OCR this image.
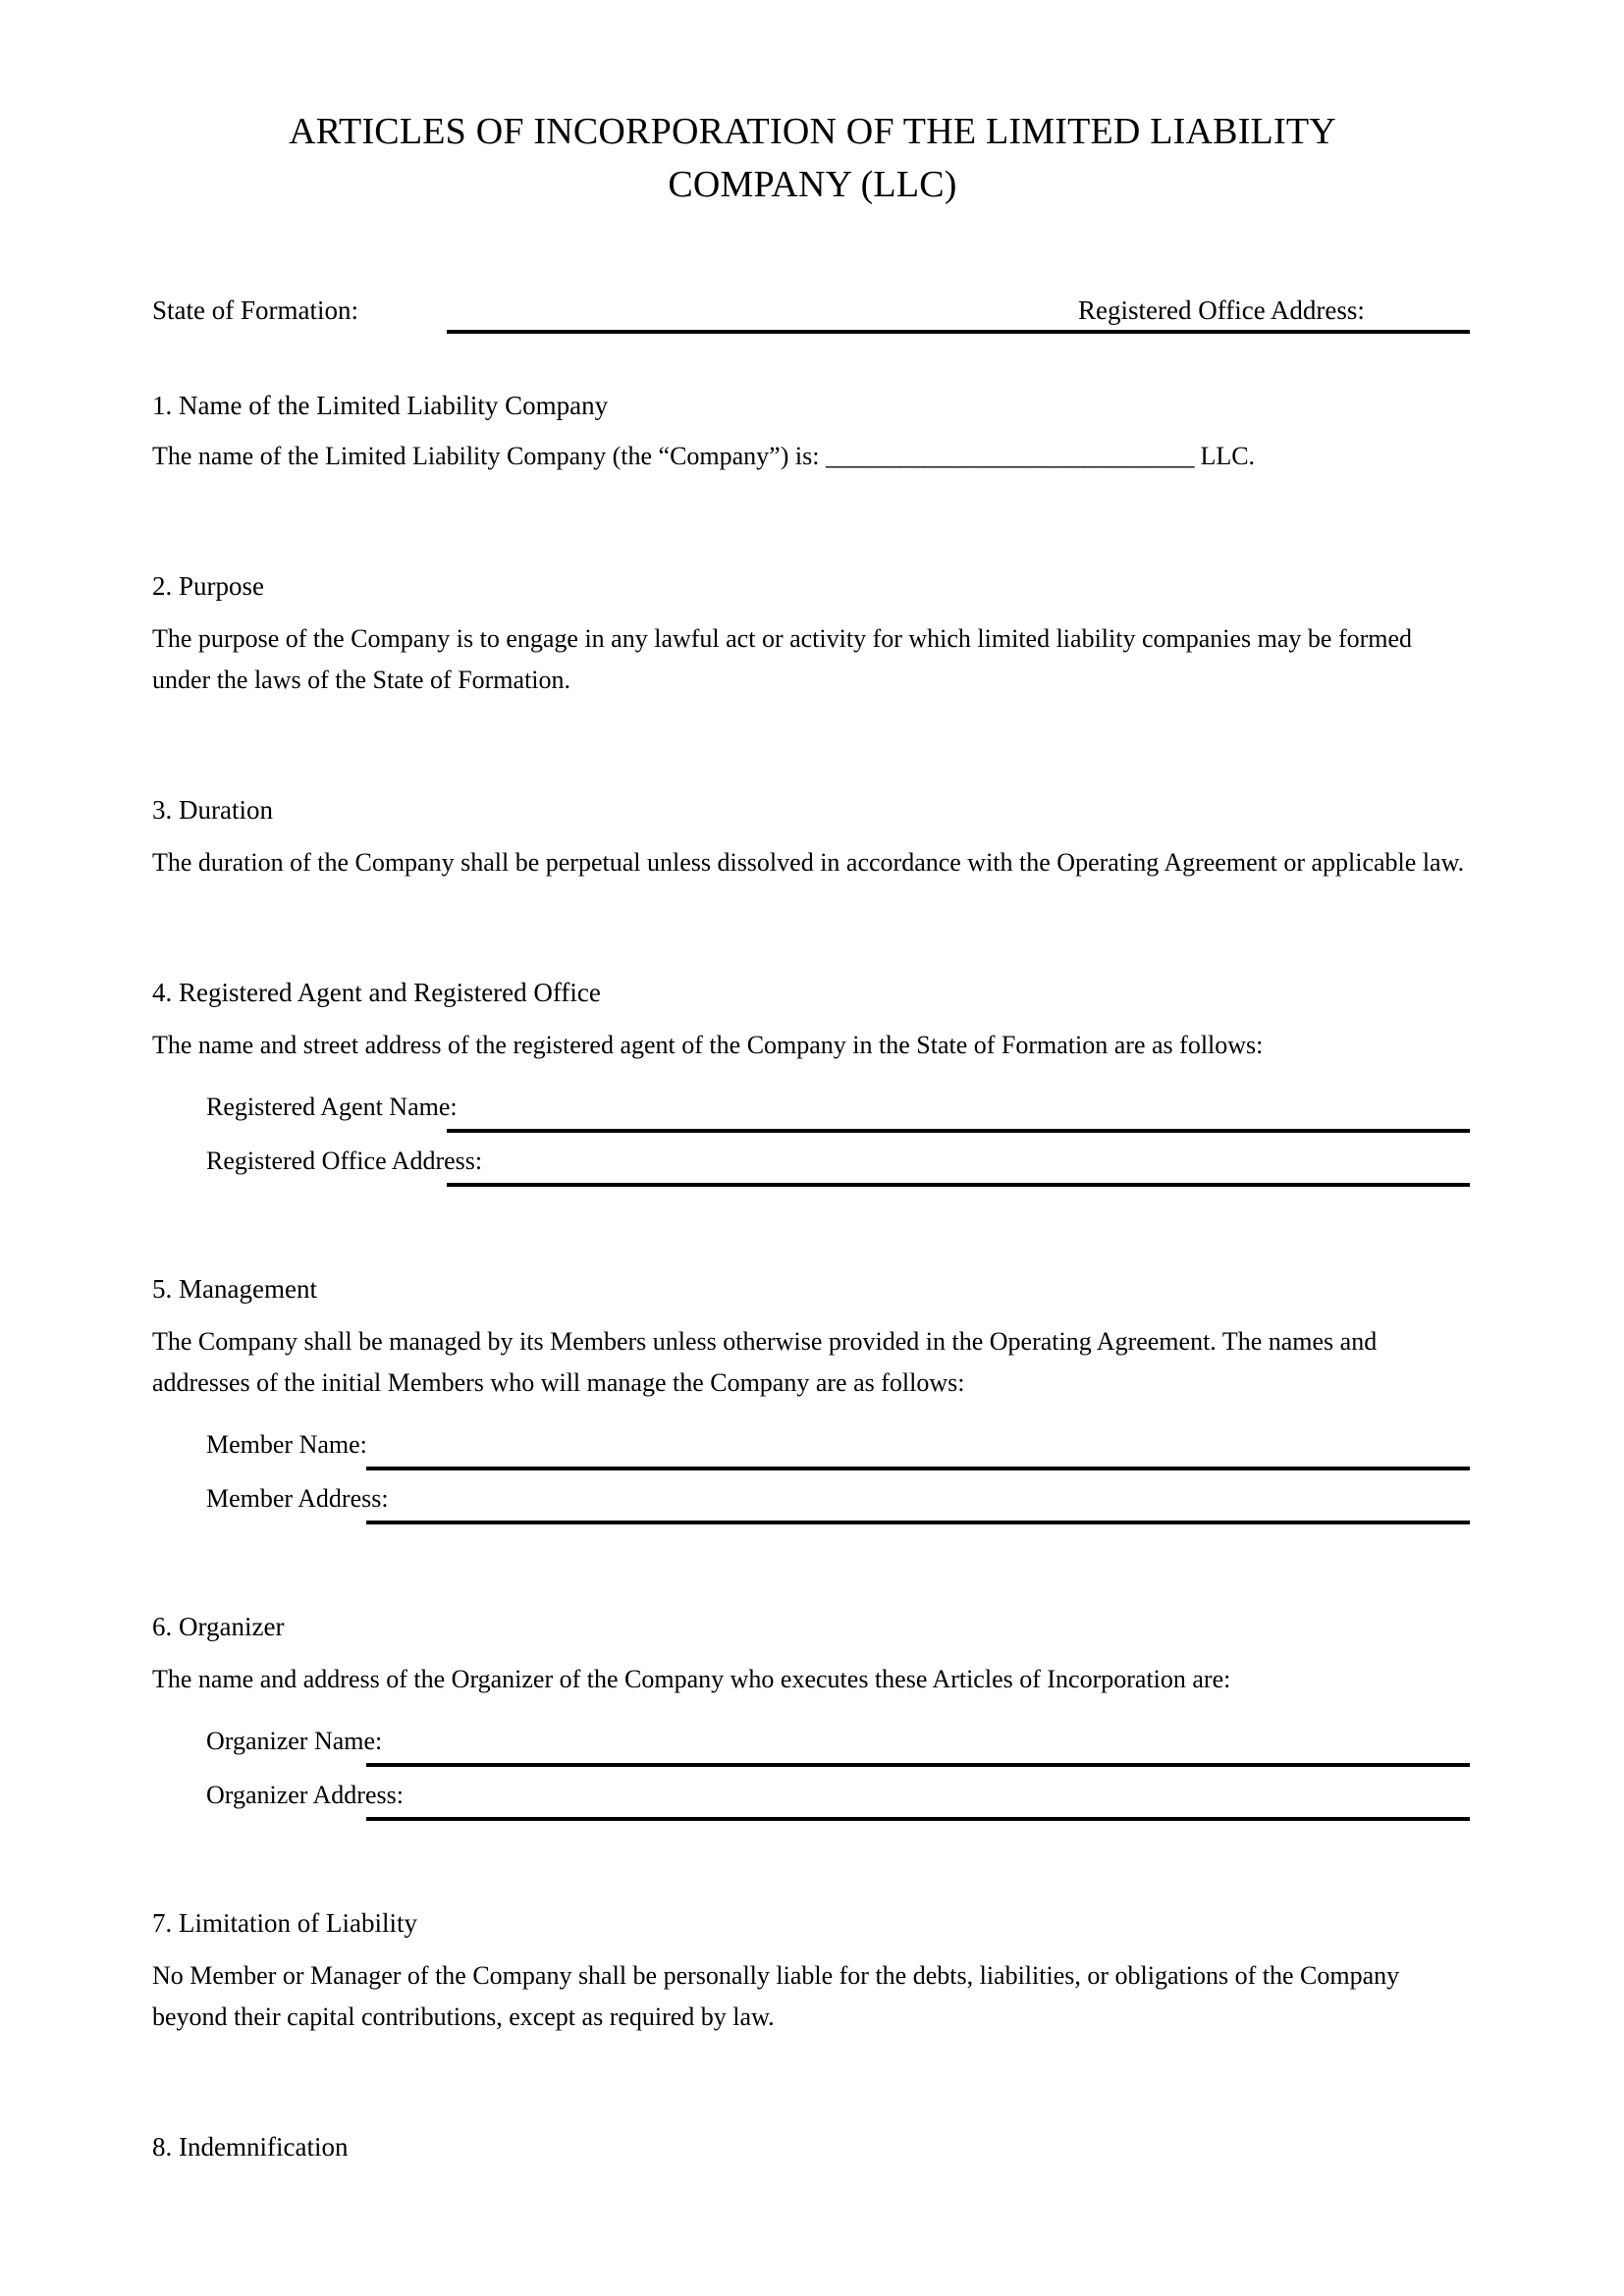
ARTICLES OF INCORPORATION OF THE LIMITED LIABILITY
COMPANY (LLC)
State of Formation:	Registered Office Address:

1. Name of the Limited Liability Company

The name of the Limited Liability Company (the “Company”) is: ______________________________ LLC.

2. Purpose

The purpose of the Company is to engage in any lawful act or activity for which limited liability companies may be formed under the laws of the State of Formation.

3. Duration

The duration of the Company shall be perpetual unless dissolved in accordance with the Operating Agreement or applicable law.

4. Registered Agent and Registered Office

The name and street address of the registered agent of the Company in the State of Formation are as follows:

Registered Agent Name:
Registered Office Address:

5. Management

The Company shall be managed by its Members unless otherwise provided in the Operating Agreement. The names and addresses of the initial Members who will manage the Company are as follows:

Member Name:
Member Address:

6. Organizer

The name and address of the Organizer of the Company who executes these Articles of Incorporation are:

Organizer Name:
Organizer Address:

7. Limitation of Liability

No Member or Manager of the Company shall be personally liable for the debts, liabilities, or obligations of the Company beyond their capital contributions, except as required by law.

8. Indemnification
